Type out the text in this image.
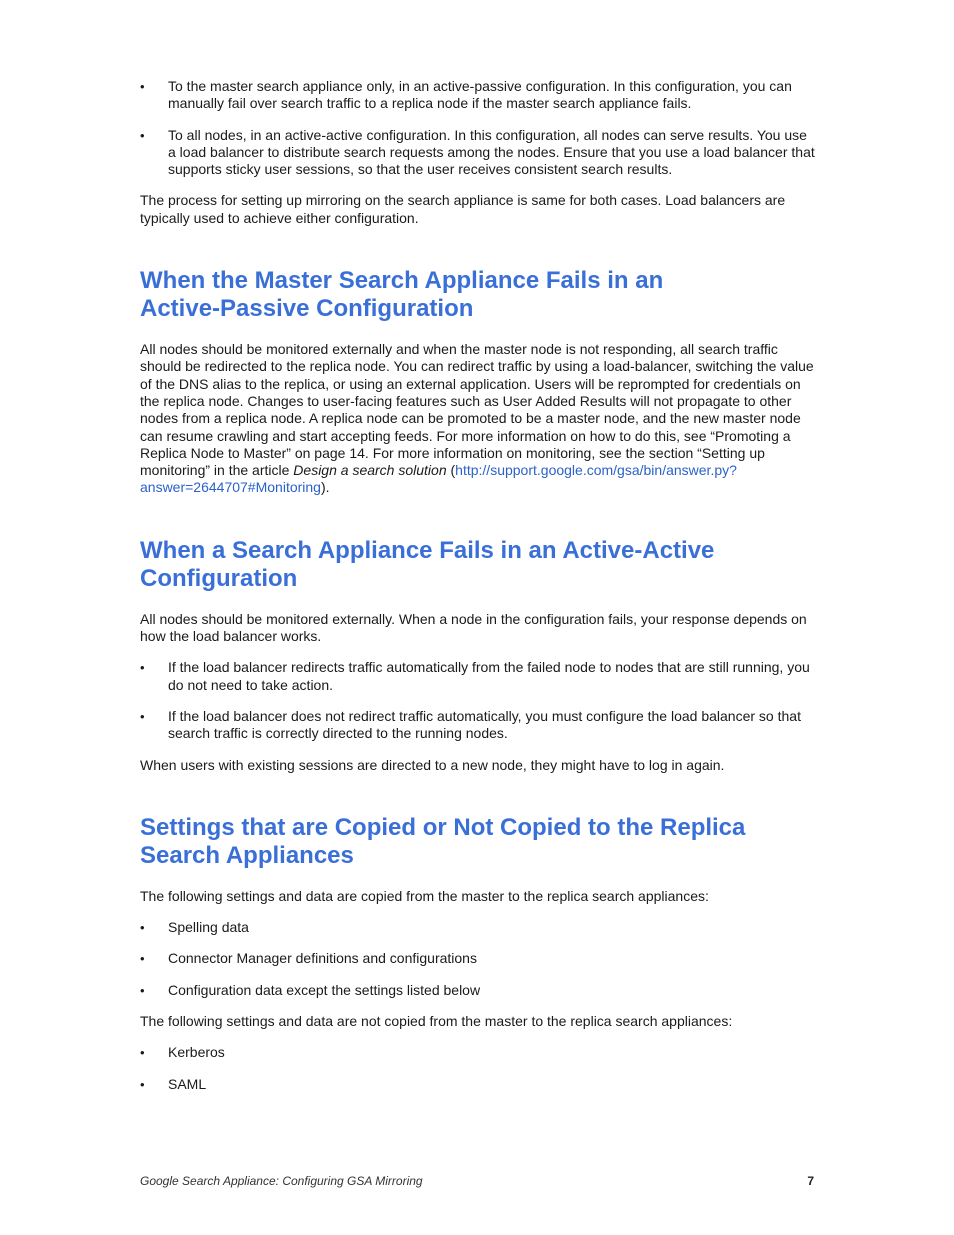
• To the master search appliance only, in an active-passive configuration. In this configuration, you can manually fail over search traffic to a replica node if the master search appliance fails.
• To all nodes, in an active-active configuration. In this configuration, all nodes can serve results. You use a load balancer to distribute search requests among the nodes. Ensure that you use a load balancer that supports sticky user sessions, so that the user receives consistent search results.

The process for setting up mirroring on the search appliance is same for both cases. Load balancers are typically used to achieve either configuration.

When the Master Search Appliance Fails in an
Active-Passive Configuration

All nodes should be monitored externally and when the master node is not responding, all search traffic should be redirected to the replica node. You can redirect traffic by using a load-balancer, switching the value of the DNS alias to the replica, or using an external application. Users will be reprompted for credentials on the replica node. Changes to user-facing features such as User Added Results will not propagate to other nodes from a replica node. A replica node can be promoted to be a master node, and the new master node can resume crawling and start accepting feeds. For more information on how to do this, see “Promoting a Replica Node to Master” on page 14. For more information on monitoring, see the section “Setting up monitoring” in the article Design a search solution (http://support.google.com/gsa/bin/answer.py?answer=2644707#Monitoring).

When a Search Appliance Fails in an Active-Active
Configuration

All nodes should be monitored externally. When a node in the configuration fails, your response depends on how the load balancer works.

• If the load balancer redirects traffic automatically from the failed node to nodes that are still running, you do not need to take action.
• If the load balancer does not redirect traffic automatically, you must configure the load balancer so that search traffic is correctly directed to the running nodes.

When users with existing sessions are directed to a new node, they might have to log in again.

Settings that are Copied or Not Copied to the Replica
Search Appliances

The following settings and data are copied from the master to the replica search appliances:

• Spelling data
• Connector Manager definitions and configurations
• Configuration data except the settings listed below

The following settings and data are not copied from the master to the replica search appliances:

• Kerberos
• SAML
Google Search Appliance: Configuring GSA Mirroring	7
